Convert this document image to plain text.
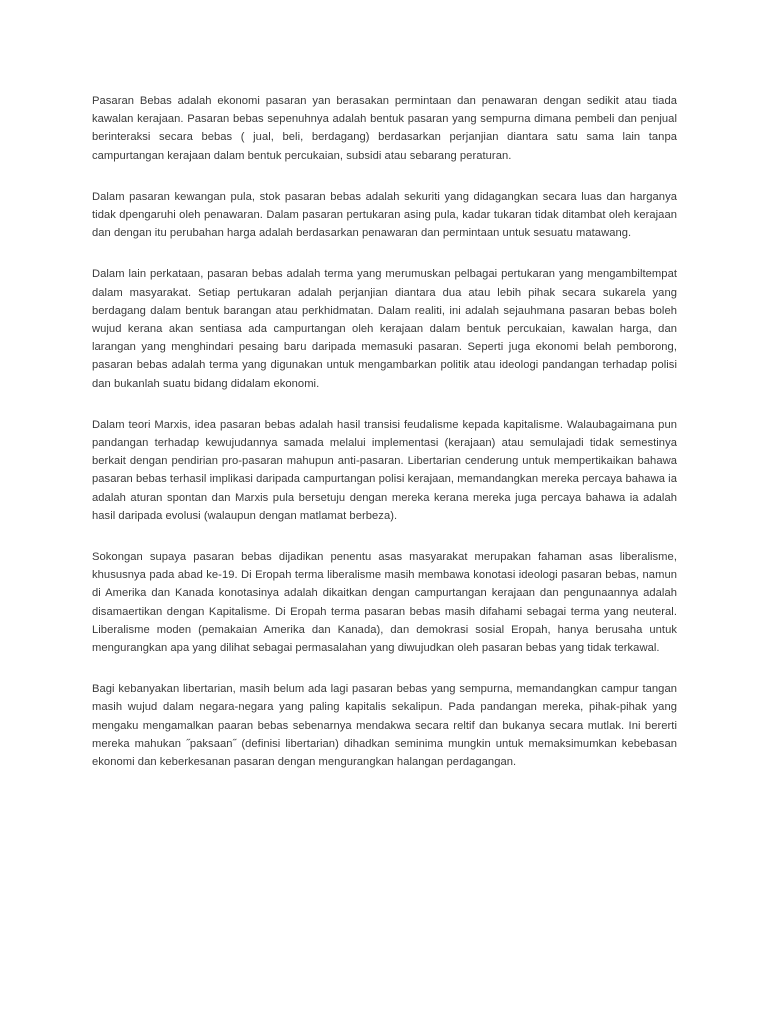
Pasaran Bebas adalah ekonomi pasaran yan berasakan permintaan dan penawaran dengan sedikit atau tiada kawalan kerajaan. Pasaran bebas sepenuhnya adalah bentuk pasaran yang sempurna dimana pembeli dan penjual berinteraksi secara bebas ( jual, beli, berdagang) berdasarkan perjanjian diantara satu sama lain tanpa campurtangan kerajaan dalam bentuk percukaian, subsidi atau sebarang peraturan.

Dalam pasaran kewangan pula, stok pasaran bebas adalah sekuriti yang didagangkan secara luas dan harganya tidak dpengaruhi oleh penawaran. Dalam pasaran pertukaran asing pula, kadar tukaran tidak ditambat oleh kerajaan dan dengan itu perubahan harga adalah berdasarkan penawaran dan permintaan untuk sesuatu matawang.

Dalam lain perkataan, pasaran bebas adalah terma yang merumuskan pelbagai pertukaran yang mengambiltempat dalam masyarakat. Setiap pertukaran adalah perjanjian diantara dua atau lebih pihak secara sukarela yang berdagang dalam bentuk barangan atau perkhidmatan. Dalam realiti, ini adalah sejauhmana pasaran bebas boleh wujud kerana akan sentiasa ada campurtangan oleh kerajaan dalam bentuk percukaian, kawalan harga, dan larangan yang menghindari pesaing baru daripada memasuki pasaran. Seperti juga ekonomi belah pemborong, pasaran bebas adalah terma yang digunakan untuk mengambarkan politik atau ideologi pandangan terhadap polisi dan bukanlah suatu bidang didalam ekonomi.

Dalam teori Marxis, idea pasaran bebas adalah hasil transisi feudalisme kepada kapitalisme. Walaubagaimana pun pandangan terhadap kewujudannya samada melalui implementasi (kerajaan) atau semulajadi tidak semestinya berkait dengan pendirian pro-pasaran mahupun anti-pasaran. Libertarian cenderung untuk mempertikaikan bahawa pasaran bebas terhasil implikasi daripada campurtangan polisi kerajaan, memandangkan mereka percaya bahawa ia adalah aturan spontan dan Marxis pula bersetuju dengan mereka kerana mereka juga percaya bahawa ia adalah hasil daripada evolusi (walaupun dengan matlamat berbeza).

Sokongan supaya pasaran bebas dijadikan penentu asas masyarakat merupakan fahaman asas liberalisme, khususnya pada abad ke-19. Di Eropah terma liberalisme masih membawa konotasi ideologi pasaran bebas, namun di Amerika dan Kanada konotasinya adalah dikaitkan dengan campurtangan kerajaan dan pengunaannya adalah disamaertikan dengan Kapitalisme. Di Eropah terma pasaran bebas masih difahami sebagai terma yang neuteral. Liberalisme moden (pemakaian Amerika dan Kanada), dan demokrasi sosial Eropah, hanya berusaha untuk mengurangkan apa yang dilihat sebagai permasalahan yang diwujudkan oleh pasaran bebas yang tidak terkawal.

Bagi kebanyakan libertarian, masih belum ada lagi pasaran bebas yang sempurna, memandangkan campur tangan masih wujud dalam negara-negara yang paling kapitalis sekalipun. Pada pandangan mereka, pihak-pihak yang mengaku mengamalkan paaran bebas sebenarnya mendakwa secara reltif dan bukanya secara mutlak. Ini bererti mereka mahukan ˝paksaan˝ (definisi libertarian) dihadkan seminima mungkin untuk memaksimumkan kebebasan ekonomi dan keberkesanan pasaran dengan mengurangkan halangan perdagangan.
